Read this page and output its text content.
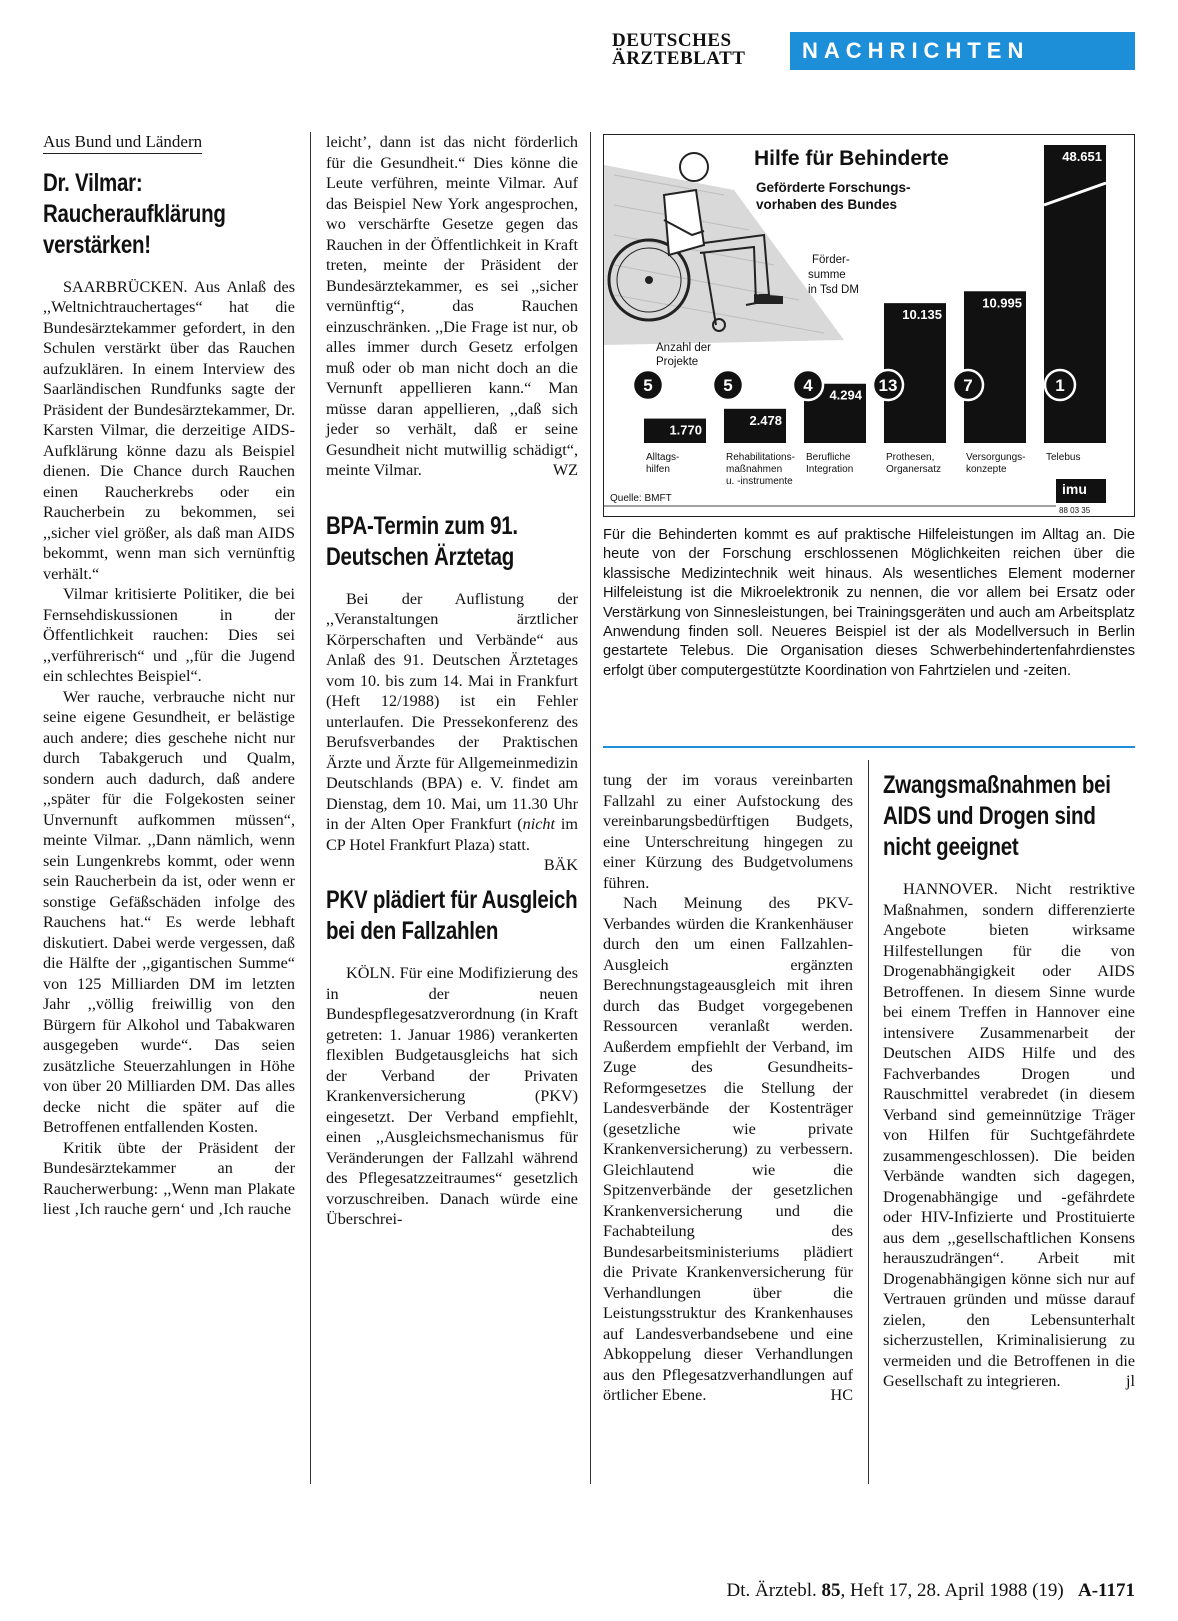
DEUTSCHES
ÄRZTEBLATT	NACHRICHTEN
Aus Bund und Ländern
Dr. Vilmar: Raucheraufklärung verstärken!

SAARBRÜCKEN. Aus Anlaß des ,,Weltnichtrauchertages“ hat die Bundesärztekammer gefordert, in den Schulen verstärkt über das Rauchen aufzuklären. In einem Interview des Saarländischen Rundfunks sagte der Präsident der Bundesärztekammer, Dr. Karsten Vilmar, die derzeitige AIDS-Aufklärung könne dazu als Beispiel dienen. Die Chance durch Rauchen einen Raucherkrebs oder ein Raucherbein zu bekommen, sei ,,sicher viel größer, als daß man AIDS bekommt, wenn man sich vernünftig verhält.“

Vilmar kritisierte Politiker, die bei Fernsehdiskussionen in der Öffentlichkeit rauchen: Dies sei ,,verführerisch“ und ,,für die Jugend ein schlechtes Beispiel“.

Wer rauche, verbrauche nicht nur seine eigene Gesundheit, er belästige auch andere; dies geschehe nicht nur durch Tabakgeruch und Qualm, sondern auch dadurch, daß andere ,,später für die Folgekosten seiner Unvernunft aufkommen müssen“, meinte Vilmar. ,,Dann nämlich, wenn sein Lungenkrebs kommt, oder wenn sein Raucherbein da ist, oder wenn er sonstige Gefäßschäden infolge des Rauchens hat.“ Es werde lebhaft diskutiert. Dabei werde vergessen, daß die Hälfte der ,,gigantischen Summe“ von 125 Milliarden DM im letzten Jahr ,,völlig freiwillig von den Bürgern für Alkohol und Tabakwaren ausgegeben wurde“. Das seien zusätzliche Steuerzahlungen in Höhe von über 20 Milliarden DM. Das alles decke nicht die später auf die Betroffenen entfallenden Kosten.

Kritik übte der Präsident der Bundesärztekammer an der Raucherwerbung: ,,Wenn man Plakate liest ‚Ich rauche gern‘ und ‚Ich rauche

leicht’, dann ist das nicht förderlich für die Gesundheit.“ Dies könne die Leute verführen, meinte Vilmar. Auf das Beispiel New York angesprochen, wo verschärfte Gesetze gegen das Rauchen in der Öffentlichkeit in Kraft treten, meinte der Präsident der Bundesärztekammer, es sei ,,sicher vernünftig“, das Rauchen einzuschränken. ,,Die Frage ist nur, ob alles immer durch Gesetz erfolgen muß oder ob man nicht doch an die Vernunft appellieren kann.“ Man müsse daran appellieren, ,,daß sich jeder so verhält, daß er seine Gesundheit nicht mutwillig schädigt“, meinte Vilmar.	WZ

BPA-Termin zum 91. Deutschen Ärztetag

Bei der Auflistung der ,,Veranstaltungen ärztlicher Körperschaften und Verbände“ aus Anlaß des 91. Deutschen Ärztetages vom 10. bis zum 14. Mai in Frankfurt (Heft 12/1988) ist ein Fehler unterlaufen. Die Pressekonferenz des Berufsverbandes der Praktischen Ärzte und Ärzte für Allgemeinmedizin Deutschlands (BPA) e. V. findet am Dienstag, dem 10. Mai, um 11.30 Uhr in der Alten Oper Frankfurt (nicht im CP Hotel Frankfurt Plaza) statt.
BÄK

PKV plädiert für Ausgleich bei den Fallzahlen

KÖLN. Für eine Modifizierung des in der neuen Bundespflegesatzverordnung (in Kraft getreten: 1. Januar 1986) verankerten flexiblen Budgetausgleichs hat sich der Verband der Privaten Krankenversicherung (PKV) eingesetzt. Der Verband empfiehlt, einen ,,Ausgleichsmechanismus für Veränderungen der Fallzahl während des Pflegesatzzeitraumes“ gesetzlich vorzuschreiben. Danach würde eine Überschrei-

Hilfe für Behinderte
Geförderte Forschungs-
vorhaben des Bundes
Förder-
summe
in Tsd DM
Anzahl der
Projekte
1.770
5
Alltags-
hilfen
2.478
5
Rehabilitations-
maßnahmen
u. -instrumente
4.294
4
Berufliche
Integration
10.135
13
Prothesen,
Organersatz
10.995
7
Versorgungs-
konzepte
48.651
1
Telebus
Quelle: BMFT
imu
88 03 35
Für die Behinderten kommt es auf praktische Hilfeleistungen im Alltag an. Die heute von der Forschung erschlossenen Möglichkeiten reichen über die klassische Medizintechnik weit hinaus. Als wesentliches Element moderner Hilfeleistung ist die Mikroelektronik zu nennen, die vor allem bei Ersatz oder Verstärkung von Sinnesleistungen, bei Trainingsgeräten und auch am Arbeitsplatz Anwendung finden soll. Neueres Beispiel ist der als Modellversuch in Berlin gestartete Telebus. Die Organisation dieses Schwerbehindertenfahrdienstes erfolgt über computergestützte Koordination von Fahrtzielen und -zeiten.

tung der im voraus vereinbarten Fallzahl zu einer Aufstockung des vereinbarungsbedürftigen Budgets, eine Unterschreitung hingegen zu einer Kürzung des Budgetvolumens führen.

Nach Meinung des PKV-Verbandes würden die Krankenhäuser durch den um einen Fallzahlen-Ausgleich ergänzten Berechnungstageausgleich mit ihren durch das Budget vorgegebenen Ressourcen veranlaßt werden. Außerdem empfiehlt der Verband, im Zuge des Gesundheits-Reformgesetzes die Stellung der Landesverbände der Kostenträger (gesetzliche wie private Krankenversicherung) zu verbessern. Gleichlautend wie die Spitzenverbände der gesetzlichen Krankenversicherung und die Fachabteilung des Bundesarbeitsministeriums plädiert die Private Krankenversicherung für Verhandlungen über die Leistungsstruktur des Krankenhauses auf Landesverbandsebene und eine Abkoppelung dieser Verhandlungen aus den Pflegesatzverhandlungen auf örtlicher Ebene.	HC

Zwangsmaßnahmen bei AIDS und Drogen sind nicht geeignet

HANNOVER. Nicht restriktive Maßnahmen, sondern differenzierte Angebote bieten wirksame Hilfestellungen für die von Drogenabhängigkeit oder AIDS Betroffenen. In diesem Sinne wurde bei einem Treffen in Hannover eine intensivere Zusammenarbeit der Deutschen AIDS Hilfe und des Fachverbandes Drogen und Rauschmittel verabredet (in diesem Verband sind gemeinnützige Träger von Hilfen für Suchtgefährdete zusammengeschlossen). Die beiden Verbände wandten sich dagegen, Drogenabhängige und -gefährdete oder HIV-Infizierte und Prostituierte aus dem ,,gesellschaftlichen Konsens herauszudrängen“. Arbeit mit Drogenabhängigen könne sich nur auf Vertrauen gründen und müsse darauf zielen, den Lebensunterhalt sicherzustellen, Kriminalisierung zu vermeiden und die Betroffenen in die Gesellschaft zu integrieren.	jl

Dt. Ärztebl. 85, Heft 17, 28. April 1988 (19) A-1171
